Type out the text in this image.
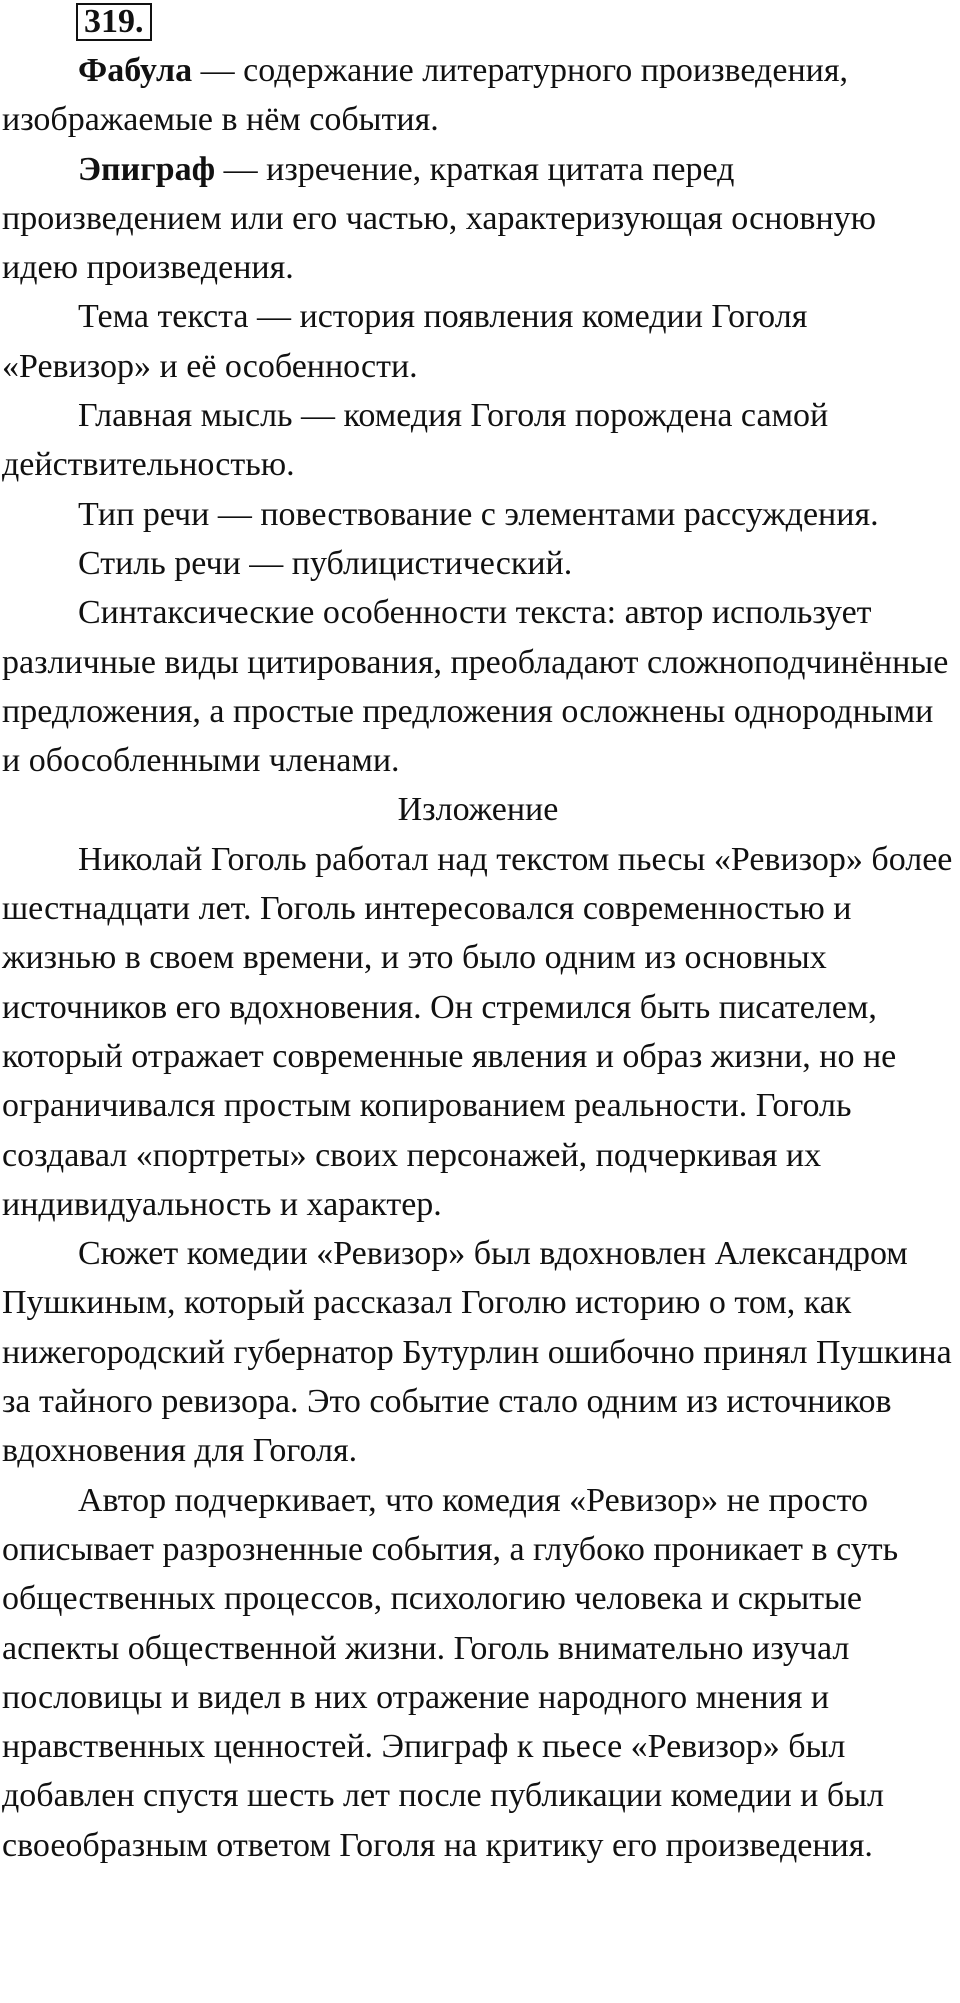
319.

Фабула — содержание литературного произведения, изображаемые в нём события.

Эпиграф — изречение, краткая цитата перед произведением или его частью, характеризующая основную идею произведения.

Тема текста — история появления комедии Гоголя «Ревизор» и её особенности.

Главная мысль — комедия Гоголя порождена самой действительностью.

Тип речи — повествование с элементами рассуждения.

Стиль речи — публицистический.

Синтаксические особенности текста: автор использует различные виды цитирования, преобладают сложноподчинённые предложения, а простые предложения осложнены однородными и обособленными членами.

Изложение

Николай Гоголь работал над текстом пьесы «Ревизор» более шестнадцати лет. Гоголь интересовался современностью и жизнью в своем времени, и это было одним из основных источников его вдохновения. Он стремился быть писателем, который отражает современные явления и образ жизни, но не ограничивался простым копированием реальности. Гоголь создавал «портреты» своих персонажей, подчеркивая их индивидуальность и характер.

Сюжет комедии «Ревизор» был вдохновлен Александром Пушкиным, который рассказал Гоголю историю о том, как нижегородский губернатор Бутурлин ошибочно принял Пушкина за тайного ревизора. Это событие стало одним из источников вдохновения для Гоголя.

Автор подчеркивает, что комедия «Ревизор» не просто описывает разрозненные события, а глубоко проникает в суть общественных процессов, психологию человека и скрытые аспекты общественной жизни. Гоголь внимательно изучал пословицы и видел в них отражение народного мнения и нравственных ценностей. Эпиграф к пьесе «Ревизор» был добавлен спустя шесть лет после публикации комедии и был своеобразным ответом Гоголя на критику его произведения.
